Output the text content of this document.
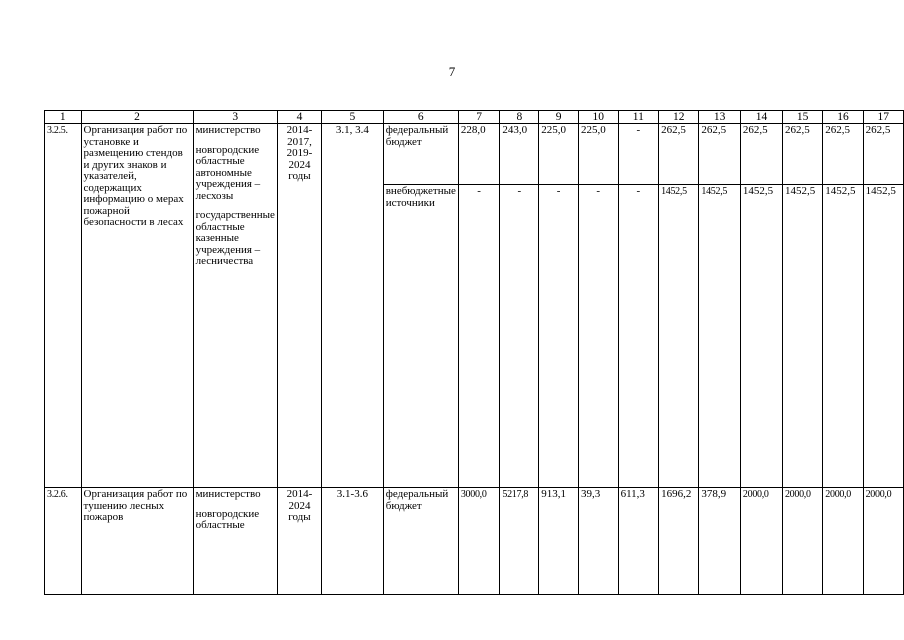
7
1	2	3	4	5	6	7	8	9	10	11	12	13	14	15	16	17
3.2.5.	Организация работ по установке и размещению стендов и других знаков и указателей, содержащих информацию о мерах пожарной безопасности в лесах	министерство
новгородские областные автономные учреждения – лесхозы
государственные областные казенные учреждения – лесничества	2014-2017, 2019-2024 годы	3.1, 3.4	федеральный бюджет	228,0	243,0	225,0	225,0	-	262,5	262,5	262,5	262,5	262,5	262,5
					внебюджетные источники	-	-	-	-	-	1452,5	1452,5	1452,5	1452,5	1452,5	1452,5
3.2.6.	Организация работ по тушению лесных пожаров	министерство
новгородские областные	2014-2024 годы	3.1-3.6	федеральный бюджет	3000,0	5217,8	913,1	39,3	611,3	1696,2	378,9	2000,0	2000,0	2000,0	2000,0
